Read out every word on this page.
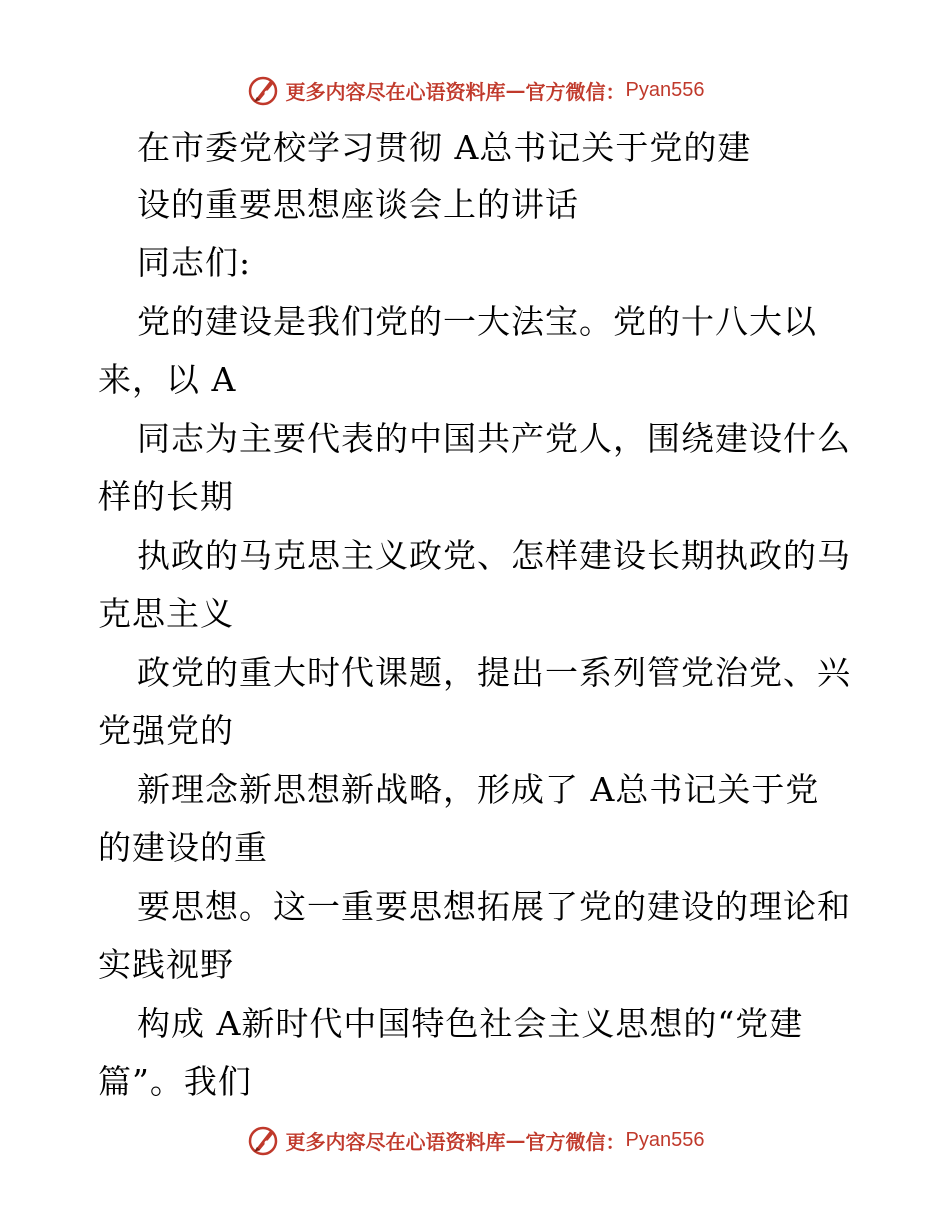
更多内容尽在心语资料库 — 官方微信： Pyan556
在市委党校学习贯彻 A总书记关于党的建
设的重要思想座谈会上的讲话
同志们:
党的建设是我们党的一大法宝。党的十八大以
来，以 A
同志为主要代表的中国共产党人，围绕建设什么
样的长期
执政的马克思主义政党、怎样建设长期执政的马
克思主义
政党的重大时代课题，提出一系列管党治党、兴
党强党的
新理念新思想新战略，形成了 A总书记关于党
的建设的重
要思想。这一重要思想拓展了党的建设的理论和
实践视野
构成 A新时代中国特色社会主义思想的“党建
篇”。我们
更多内容尽在心语资料库 — 官方微信： Pyan556
